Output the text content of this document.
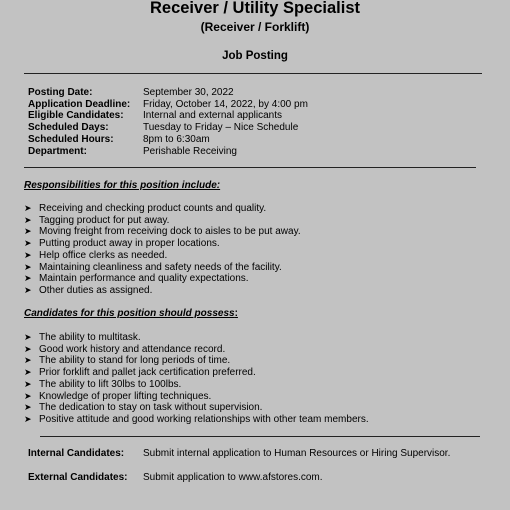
Receiver / Utility Specialist
(Receiver / Forklift)
Job Posting
Posting Date:	September 30, 2022
Application Deadline:	Friday, October 14, 2022, by 4:00 pm
Eligible Candidates:	Internal and external applicants
Scheduled Days:	Tuesday to Friday – Nice Schedule
Scheduled Hours:	8pm to 6:30am
Department:	Perishable Receiving
Responsibilities for this position include:
➤ Receiving and checking product counts and quality.
➤ Tagging product for put away.
➤ Moving freight from receiving dock to aisles to be put away.
➤ Putting product away in proper locations.
➤ Help office clerks as needed.
➤ Maintaining cleanliness and safety needs of the facility.
➤ Maintain performance and quality expectations.
➤ Other duties as assigned.
Candidates for this position should possess:
➤ The ability to multitask.
➤ Good work history and attendance record.
➤ The ability to stand for long periods of time.
➤ Prior forklift and pallet jack certification preferred.
➤ The ability to lift 30lbs to 100lbs.
➤ Knowledge of proper lifting techniques.
➤ The dedication to stay on task without supervision.
➤ Positive attitude and good working relationships with other team members.
Internal Candidates:	Submit internal application to Human Resources or Hiring Supervisor.
External Candidates:	Submit application to www.afstores.com.
